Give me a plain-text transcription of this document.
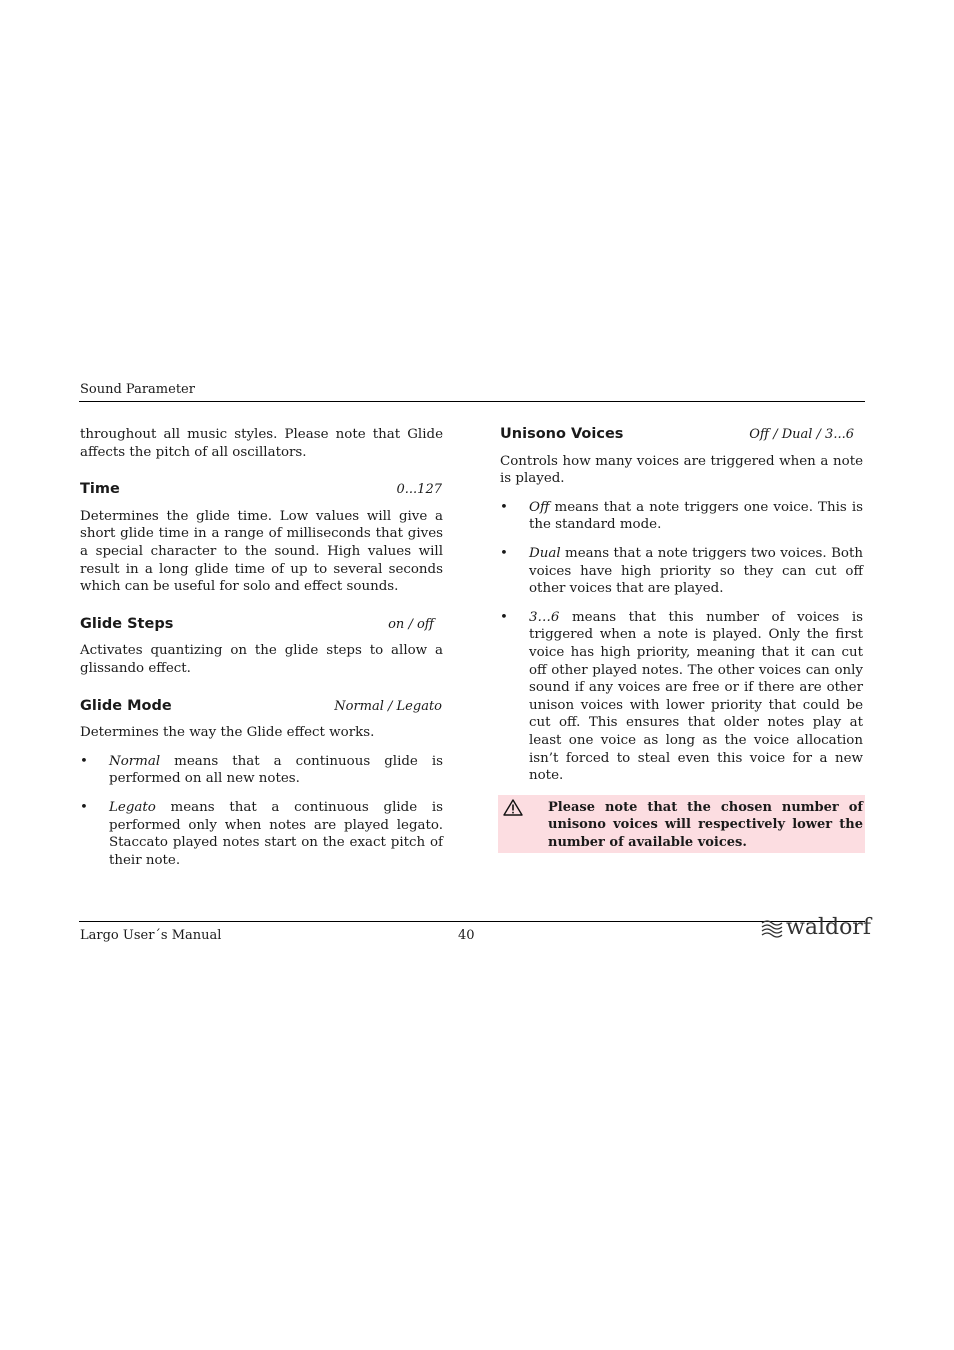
Sound Parameter

throughout all music styles. Please note that Glide affects the pitch of all oscillators.

Time	0...127

Determines the glide time. Low values will give a short glide time in a range of milliseconds that gives a special character to the sound. High values will result in a long glide time of up to several seconds which can be useful for solo and effect sounds.

Glide Steps	on / off

Activates quantizing on the glide steps to allow a glissando effect.

Glide Mode	Normal / Legato

Determines the way the Glide effect works.

•	Normal means that a continuous glide is performed on all new notes.
•	Legato means that a continuous glide is performed only when notes are played legato. Staccato played notes start on the exact pitch of their note.
Unisono Voices	Off / Dual / 3...6

Controls how many voices are triggered when a note is played.

•	Off means that a note triggers one voice. This is the standard mode.
•	Dual means that a note triggers two voices. Both voices have high priority so they can cut off other voices that are played.
•	3…6 means that this number of voices is triggered when a note is played. Only the first voice has high priority, meaning that it can cut off other played notes. The other voices can only sound if any voices are free or if there are other unison voices with lower priority that could be cut off. This ensures that older notes play at least one voice as long as the voice allocation isn’t forced to steal even this voice for a new note.
Please note that the chosen number of unisono voices will respectively lower the number of available voices.
Largo User´s Manual	40	waldorf
